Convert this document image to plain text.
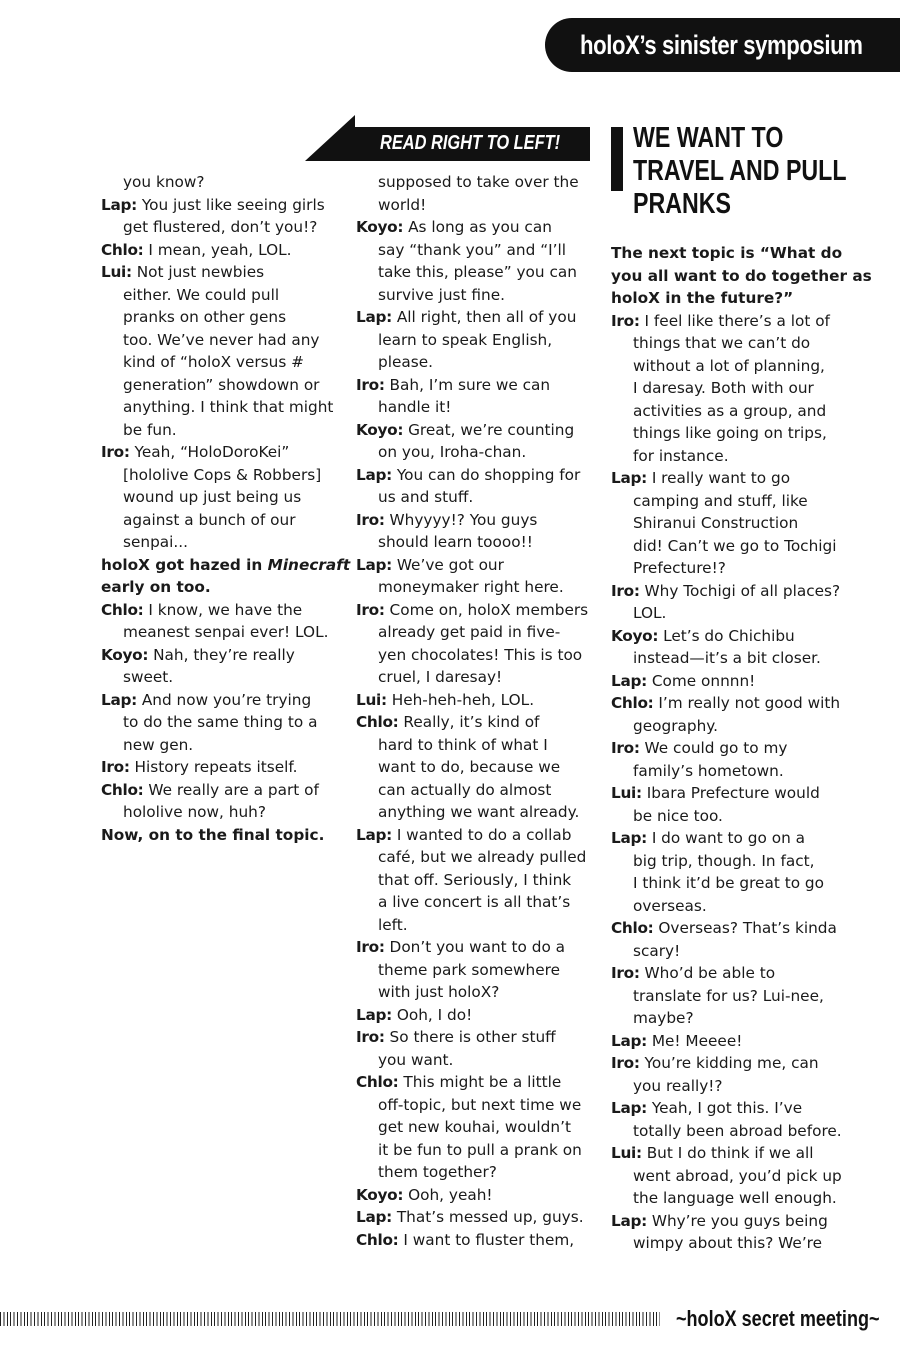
holoX’s sinister symposium
READ RIGHT TO LEFT!	WE WANT TO
TRAVEL AND PULL
PRANKS

you know?

Lap: You just like seeing girls
get flustered, don’t you!?

Chlo: I mean, yeah, LOL.

Lui: Not just newbies
either. We could pull
pranks on other gens
too. We’ve never had any
kind of “holoX versus #
generation” showdown or
anything. I think that might
be fun.

Iro: Yeah, “HoloDoroKei”
[hololive Cops & Robbers]
wound up just being us
against a bunch of our
senpai...

holoX got hazed in Minecraft
early on too.

Chlo: I know, we have the
meanest senpai ever! LOL.

Koyo: Nah, they’re really
sweet.

Lap: And now you’re trying
to do the same thing to a
new gen.

Iro: History repeats itself.

Chlo: We really are a part of
hololive now, huh?

Now, on to the final topic.

supposed to take over the
world!

Koyo: As long as you can
say “thank you” and “I’ll
take this, please” you can
survive just fine.

Lap: All right, then all of you
learn to speak English,
please.

Iro: Bah, I’m sure we can
handle it!

Koyo: Great, we’re counting
on you, Iroha-chan.

Lap: You can do shopping for
us and stuff.

Iro: Whyyyy!? You guys
should learn toooo!!

Lap: We’ve got our
moneymaker right here.

Iro: Come on, holoX members
already get paid in five-
yen chocolates! This is too
cruel, I daresay!

Lui: Heh-heh-heh, LOL.

Chlo: Really, it’s kind of
hard to think of what I
want to do, because we
can actually do almost
anything we want already.

Lap: I wanted to do a collab
café, but we already pulled
that off. Seriously, I think
a live concert is all that’s
left.

Iro: Don’t you want to do a
theme park somewhere
with just holoX?

Lap: Ooh, I do!

Iro: So there is other stuff
you want.

Chlo: This might be a little
off-topic, but next time we
get new kouhai, wouldn’t
it be fun to pull a prank on
them together?

Koyo: Ooh, yeah!

Lap: That’s messed up, guys.

Chlo: I want to fluster them,

The next topic is “What do
you all want to do together as
holoX in the future?”

Iro: I feel like there’s a lot of
things that we can’t do
without a lot of planning,
I daresay. Both with our
activities as a group, and
things like going on trips,
for instance.

Lap: I really want to go
camping and stuff, like
Shiranui Construction
did! Can’t we go to Tochigi
Prefecture!?

Iro: Why Tochigi of all places?
LOL.

Koyo: Let’s do Chichibu
instead—it’s a bit closer.

Lap: Come onnnn!

Chlo: I’m really not good with
geography.

Iro: We could go to my
family’s hometown.

Lui: Ibara Prefecture would
be nice too.

Lap: I do want to go on a
big trip, though. In fact,
I think it’d be great to go
overseas.

Chlo: Overseas? That’s kinda
scary!

Iro: Who’d be able to
translate for us? Lui-nee,
maybe?

Lap: Me! Meeee!

Iro: You’re kidding me, can
you really!?

Lap: Yeah, I got this. I’ve
totally been abroad before.

Lui: But I do think if we all
went abroad, you’d pick up
the language well enough.

Lap: Why’re you guys being
wimpy about this? We’re

~holoX secret meeting~
